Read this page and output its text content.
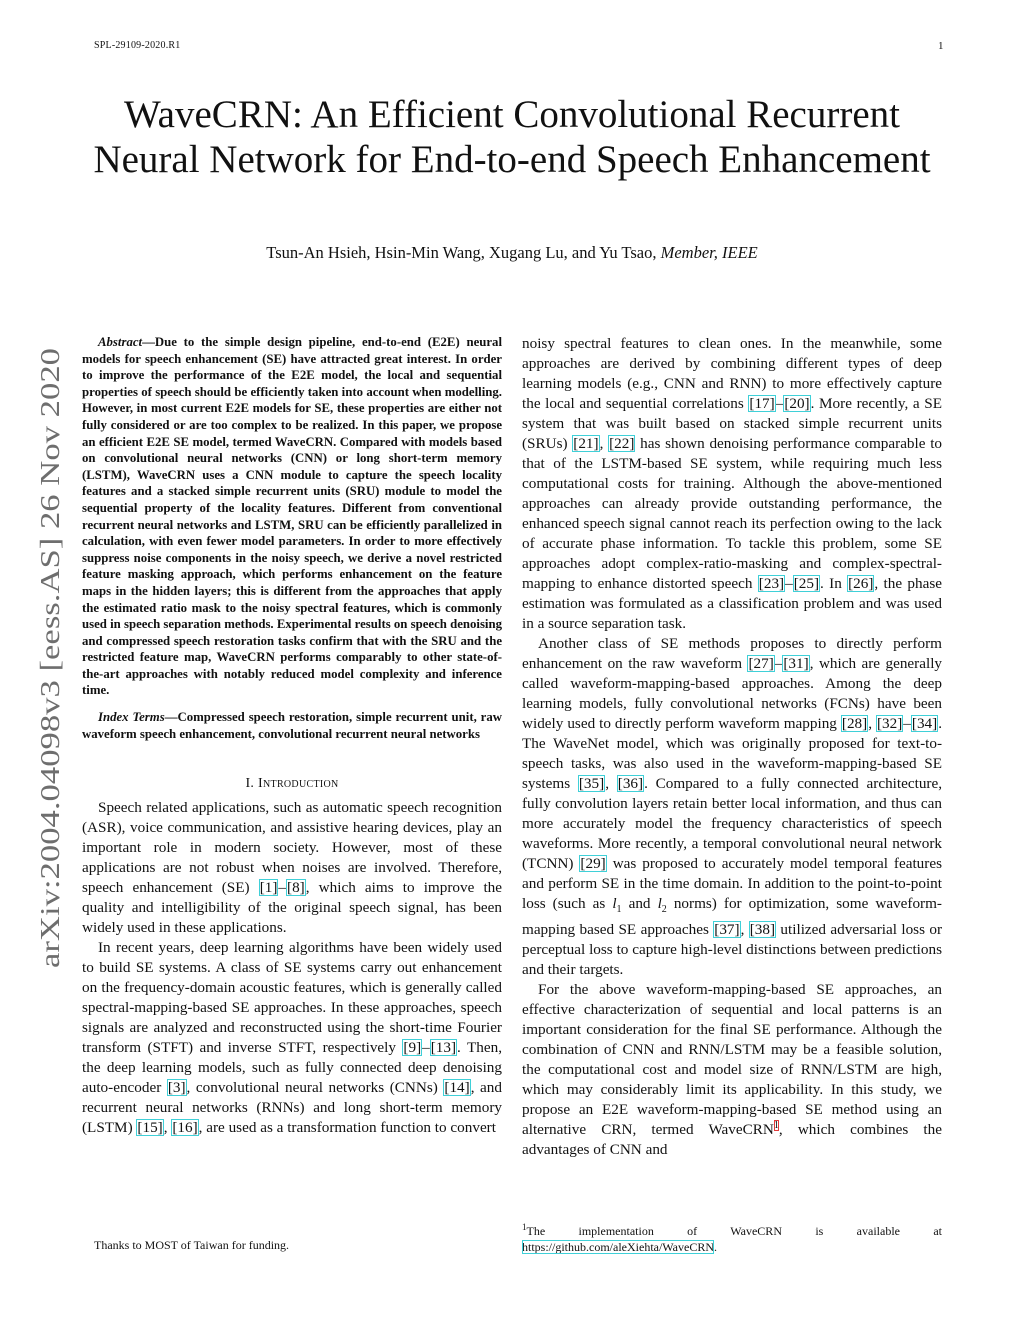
SPL-29109-2020.R1	1
WaveCRN: An Efficient Convolutional Recurrent Neural Network for End-to-end Speech Enhancement
Tsun-An Hsieh, Hsin-Min Wang, Xugang Lu, and Yu Tsao, Member, IEEE
arXiv:2004.04098v3 [eess.AS] 26 Nov 2020

Abstract—Due to the simple design pipeline, end-to-end (E2E) neural models for speech enhancement (SE) have attracted great interest. In order to improve the performance of the E2E model, the local and sequential properties of speech should be efficiently taken into account when modelling. However, in most current E2E models for SE, these properties are either not fully considered or are too complex to be realized. In this paper, we propose an efficient E2E SE model, termed WaveCRN. Compared with models based on convolutional neural networks (CNN) or long short-term memory (LSTM), WaveCRN uses a CNN module to capture the speech locality features and a stacked simple recurrent units (SRU) module to model the sequential property of the locality features. Different from conventional recurrent neural networks and LSTM, SRU can be efficiently parallelized in calculation, with even fewer model parameters. In order to more effectively suppress noise components in the noisy speech, we derive a novel restricted feature masking approach, which performs enhancement on the feature maps in the hidden layers; this is different from the approaches that apply the estimated ratio mask to the noisy spectral features, which is commonly used in speech separation methods. Experimental results on speech denoising and compressed speech restoration tasks confirm that with the SRU and the restricted feature map, WaveCRN performs comparably to other state-of-the-art approaches with notably reduced model complexity and inference time.

Index Terms—Compressed speech restoration, simple recurrent unit, raw waveform speech enhancement, convolutional recurrent neural networks

I. Introduction

Speech related applications, such as automatic speech recognition (ASR), voice communication, and assistive hearing devices, play an important role in modern society. However, most of these applications are not robust when noises are involved. Therefore, speech enhancement (SE) [1]–[8], which aims to improve the quality and intelligibility of the original speech signal, has been widely used in these applications.

In recent years, deep learning algorithms have been widely used to build SE systems. A class of SE systems carry out enhancement on the frequency-domain acoustic features, which is generally called spectral-mapping-based SE approaches. In these approaches, speech signals are analyzed and reconstructed using the short-time Fourier transform (STFT) and inverse STFT, respectively [9]–[13]. Then, the deep learning models, such as fully connected deep denoising auto-encoder [3], convolutional neural networks (CNNs) [14], and recurrent neural networks (RNNs) and long short-term memory (LSTM) [15], [16], are used as a transformation function to convert

noisy spectral features to clean ones. In the meanwhile, some approaches are derived by combining different types of deep learning models (e.g., CNN and RNN) to more effectively capture the local and sequential correlations [17]–[20]. More recently, a SE system that was built based on stacked simple recurrent units (SRUs) [21], [22] has shown denoising performance comparable to that of the LSTM-based SE system, while requiring much less computational costs for training. Although the above-mentioned approaches can already provide outstanding performance, the enhanced speech signal cannot reach its perfection owing to the lack of accurate phase information. To tackle this problem, some SE approaches adopt complex-ratio-masking and complex-spectral-mapping to enhance distorted speech [23]–[25]. In [26], the phase estimation was formulated as a classification problem and was used in a source separation task.

Another class of SE methods proposes to directly perform enhancement on the raw waveform [27]–[31], which are generally called waveform-mapping-based approaches. Among the deep learning models, fully convolutional networks (FCNs) have been widely used to directly perform waveform mapping [28], [32]–[34]. The WaveNet model, which was originally proposed for text-to-speech tasks, was also used in the waveform-mapping-based SE systems [35], [36]. Compared to a fully connected architecture, fully convolution layers retain better local information, and thus can more accurately model the frequency characteristics of speech waveforms. More recently, a temporal convolutional neural network (TCNN) [29] was proposed to accurately model temporal features and perform SE in the time domain. In addition to the point-to-point loss (such as $l_1$ and $l_2$ norms) for optimization, some waveform-mapping based SE approaches [37], [38] utilized adversarial loss or perceptual loss to capture high-level distinctions between predictions and their targets.

For the above waveform-mapping-based SE approaches, an effective characterization of sequential and local patterns is an important consideration for the final SE performance. Although the combination of CNN and RNN/LSTM may be a feasible solution, the computational cost and model size of RNN/LSTM are high, which may considerably limit its applicability. In this study, we propose an E2E waveform-mapping-based SE method using an alternative CRN, termed WaveCRN$^1$, which combines the advantages of CNN and

Thanks to MOST of Taiwan for funding.
$^1$The implementation of WaveCRN is available at https://github.com/aleXiehta/WaveCRN.
